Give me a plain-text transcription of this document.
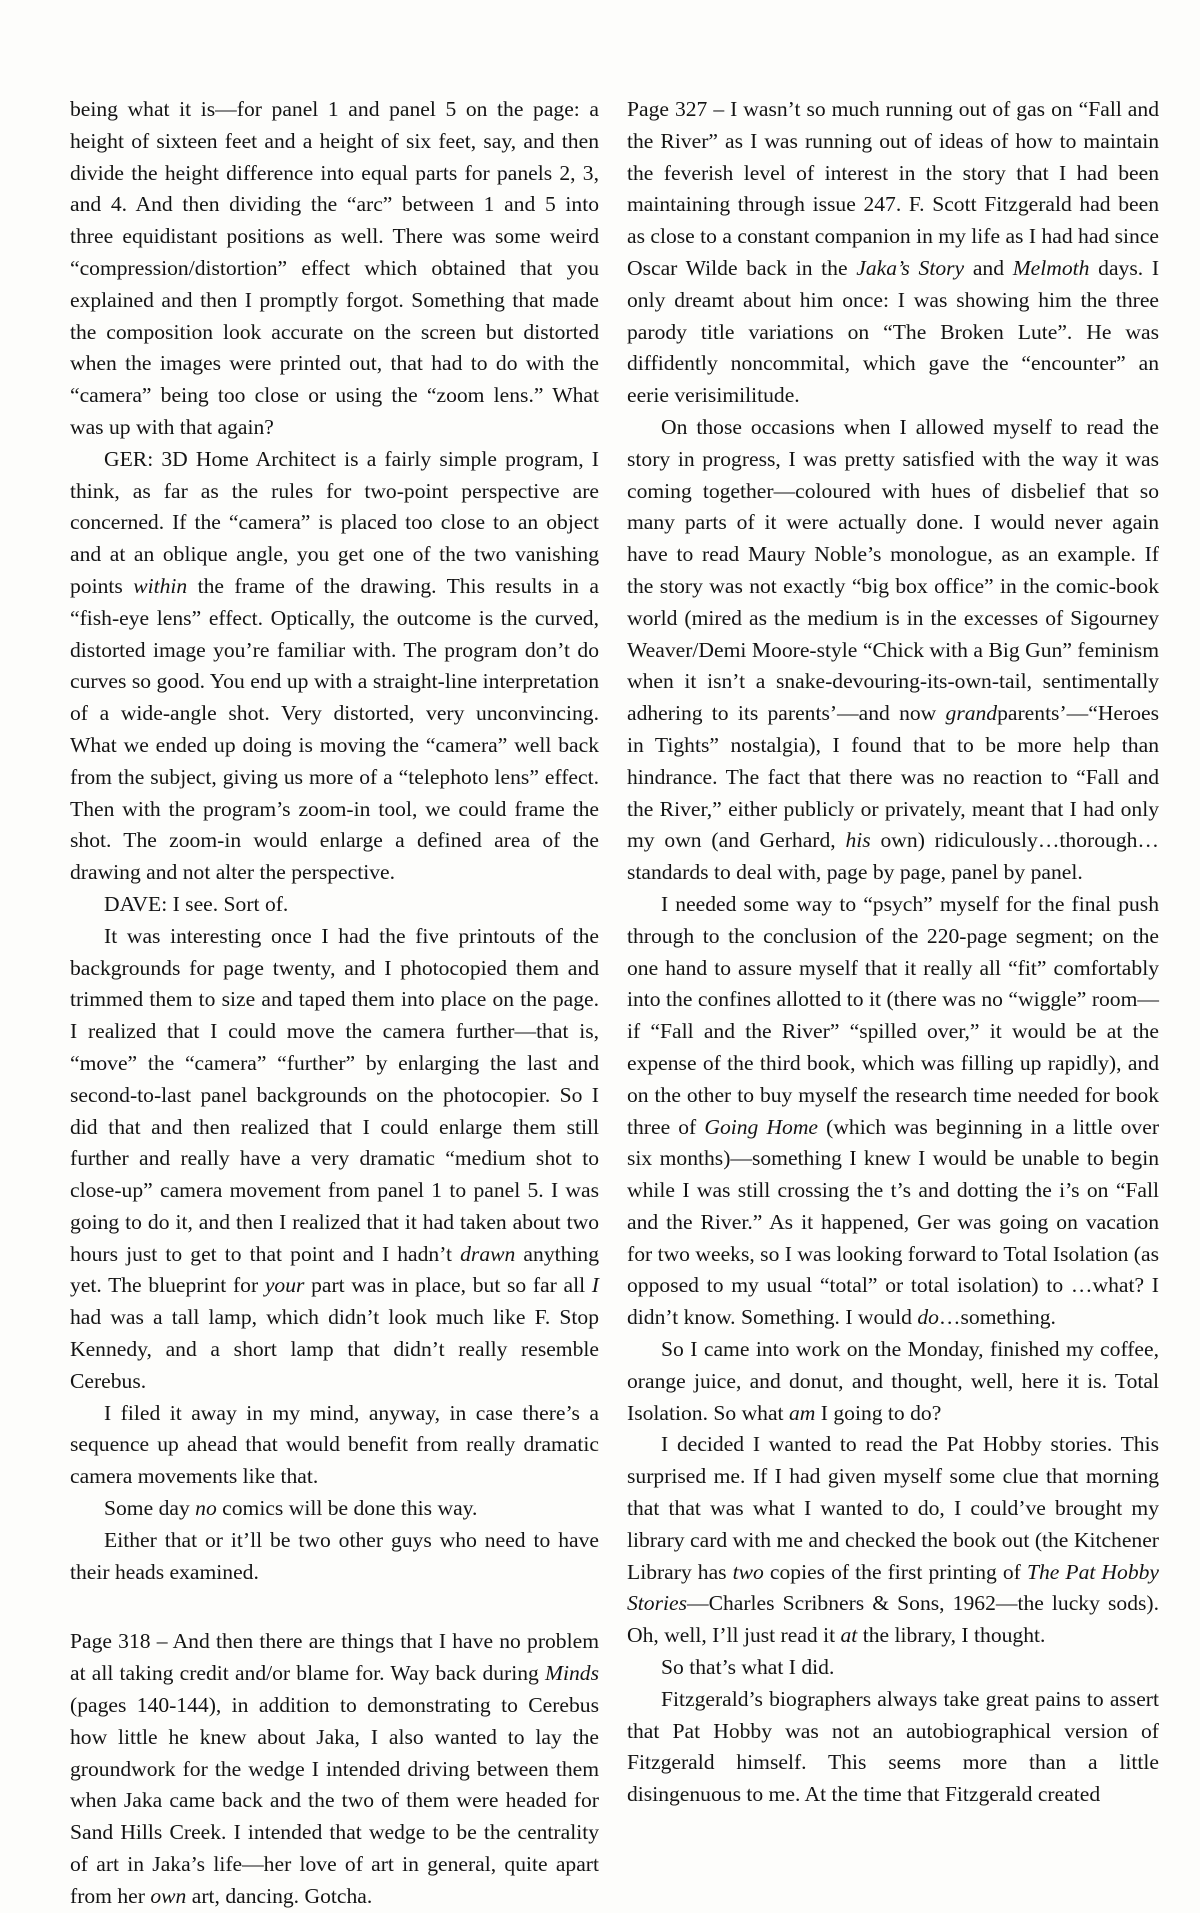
being what it is—for panel 1 and panel 5 on the page: a height of sixteen feet and a height of six feet, say, and then divide the height difference into equal parts for panels 2, 3, and 4. And then dividing the “arc” between 1 and 5 into three equidistant positions as well. There was some weird “compression/distortion” effect which obtained that you explained and then I promptly forgot. Something that made the composition look accurate on the screen but distorted when the images were printed out, that had to do with the “camera” being too close or using the “zoom lens.” What was up with that again?

GER: 3D Home Architect is a fairly simple program, I think, as far as the rules for two-point perspective are concerned. If the “camera” is placed too close to an object and at an oblique angle, you get one of the two vanishing points within the frame of the drawing. This results in a “fish-eye lens” effect. Optically, the outcome is the curved, distorted image you’re familiar with. The program don’t do curves so good. You end up with a straight-line interpretation of a wide-angle shot. Very distorted, very unconvincing. What we ended up doing is moving the “camera” well back from the subject, giving us more of a “telephoto lens” effect. Then with the program’s zoom-in tool, we could frame the shot. The zoom-in would enlarge a defined area of the drawing and not alter the perspective.

DAVE: I see. Sort of.

It was interesting once I had the five printouts of the backgrounds for page twenty, and I photocopied them and trimmed them to size and taped them into place on the page. I realized that I could move the camera further—that is, “move” the “camera” “further” by enlarging the last and second-to-last panel backgrounds on the photocopier. So I did that and then realized that I could enlarge them still further and really have a very dramatic “medium shot to close-up” camera movement from panel 1 to panel 5. I was going to do it, and then I realized that it had taken about two hours just to get to that point and I hadn’t drawn anything yet. The blueprint for your part was in place, but so far all I had was a tall lamp, which didn’t look much like F. Stop Kennedy, and a short lamp that didn’t really resemble Cerebus.

I filed it away in my mind, anyway, in case there’s a sequence up ahead that would benefit from really dramatic camera movements like that.

Some day no comics will be done this way.

Either that or it’ll be two other guys who need to have their heads examined.

Page 318 – And then there are things that I have no problem at all taking credit and/or blame for. Way back during Minds (pages 140-144), in addition to demonstrating to Cerebus how little he knew about Jaka, I also wanted to lay the groundwork for the wedge I intended driving between them when Jaka came back and the two of them were headed for Sand Hills Creek. I intended that wedge to be the centrality of art in Jaka’s life—her love of art in general, quite apart from her own art, dancing. Gotcha.

Page 327 – I wasn’t so much running out of gas on “Fall and the River” as I was running out of ideas of how to maintain the feverish level of interest in the story that I had been maintaining through issue 247. F. Scott Fitzgerald had been as close to a constant companion in my life as I had had since Oscar Wilde back in the Jaka’s Story and Melmoth days. I only dreamt about him once: I was showing him the three parody title variations on “The Broken Lute”. He was diffidently noncommital, which gave the “encounter” an eerie verisimilitude.

On those occasions when I allowed myself to read the story in progress, I was pretty satisfied with the way it was coming together—coloured with hues of disbelief that so many parts of it were actually done. I would never again have to read Maury Noble’s monologue, as an example. If the story was not exactly “big box office” in the comic-book world (mired as the medium is in the excesses of Sigourney Weaver/Demi Moore-style “Chick with a Big Gun” feminism when it isn’t a snake-devouring-its-own-tail, sentimentally adhering to its parents’—and now grandparents’—“Heroes in Tights” nostalgia), I found that to be more help than hindrance. The fact that there was no reaction to “Fall and the River,” either publicly or privately, meant that I had only my own (and Gerhard, his own) ridiculously…thorough…standards to deal with, page by page, panel by panel.

I needed some way to “psych” myself for the final push through to the conclusion of the 220-page segment; on the one hand to assure myself that it really all “fit” comfortably into the confines allotted to it (there was no “wiggle” room—if “Fall and the River” “spilled over,” it would be at the expense of the third book, which was filling up rapidly), and on the other to buy myself the research time needed for book three of Going Home (which was beginning in a little over six months)—something I knew I would be unable to begin while I was still crossing the t’s and dotting the i’s on “Fall and the River.” As it happened, Ger was going on vacation for two weeks, so I was looking forward to Total Isolation (as opposed to my usual “total” or total isolation) to …what? I didn’t know. Something. I would do…something.

So I came into work on the Monday, finished my coffee, orange juice, and donut, and thought, well, here it is. Total Isolation. So what am I going to do?

I decided I wanted to read the Pat Hobby stories. This surprised me. If I had given myself some clue that morning that that was what I wanted to do, I could’ve brought my library card with me and checked the book out (the Kitchener Library has two copies of the first printing of The Pat Hobby Stories—Charles Scribners & Sons, 1962—the lucky sods). Oh, well, I’ll just read it at the library, I thought.

So that’s what I did.

Fitzgerald’s biographers always take great pains to assert that Pat Hobby was not an autobiographical version of Fitzgerald himself. This seems more than a little disingenuous to me. At the time that Fitzgerald created
